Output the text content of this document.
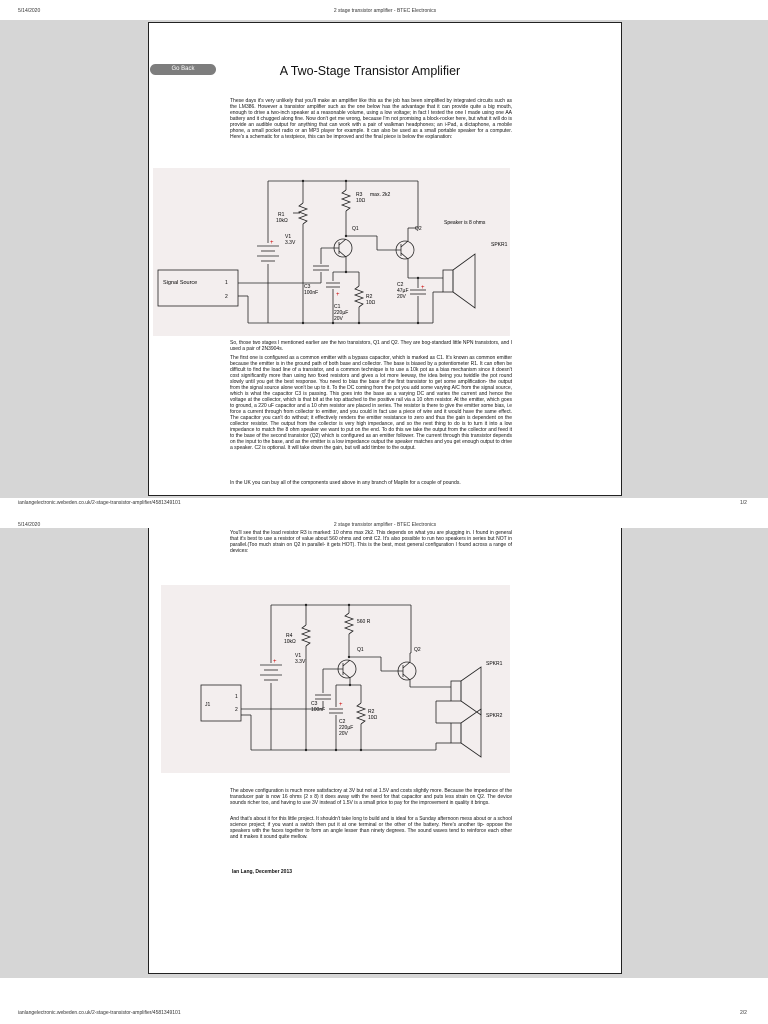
5/14/2020	2 stage transistor amplifier - BTEC Electronics
Go Back	A Two-Stage Transistor Amplifier
These days it's very unlikely that you'll make an amplifier like this as the job has been simplified by integrated circuits such as the LM386. However a transistor amplifier such as the one below has the advantage that it can provide quite a big mouth, enough to drive a two-inch speaker at a reasonable volume, using a low voltage; in fact I tested the one I made using one AA battery and it chugged along fine. Now don't get me wrong, because I'm not promising a block-rocker here, but what it will do is provide an audible output for anything that can work with a pair of walkman headphones; an i-Pad, a dictaphone, a mobile phone, a small pocket radio or an MP3 player for example. It can also be used as a small portable speaker for a computer. Here's a schematic for a testpiece, this can be improved and the final piece is below the explanation:
+
R3
10Ω
max. 2k2
R1
10kΩ
V1
3.3V
Q1	Q2
Speaker is 8 ohms
SPKR1
Signal Source	1
2
C3
100nF
C1
220µF
20V
R2
10Ω
C2
47µF
20V
+
+
So, those two stages I mentioned earlier are the two transistors, Q1 and Q2. They are bog-standard little NPN transistors, and I used a pair of 2N3904s.
The first one is configured as a common emitter with a bypass capacitor, which is marked as C1. It's known as common emitter because the emitter is in the ground path of both base and collector. The base is biased by a potentiometer R1. It can often be difficult to find the load line of a transistor, and a common technique is to use a 10k pot as a bias mechanism since it doesn't cost significantly more than using two fixed resistors and gives a lot more leeway, the idea being you twiddle the pot round slowly until you get the best response. You need to bias the base of the first transistor to get some amplification- the output from the signal source alone won't be up to it. To the DC coming from the pot you add some varying A/C from the signal source, which is what the capacitor C3 is passing. This goes into the base as a varying DC and varies the current and hence the voltage at the collector, which is that bit at the top attached to the positive rail via a 10 ohm resistor. At the emitter, which goes to ground, a 220 uF capacitor and a 10 ohm resistor are placed in series. The resistor is there to give the emitter some bias, i.e force a current through from collector to emitter, and you could in fact use a piece of wire and it would have the same effect. The capacitor you can't do without; it effectively renders the emitter resistance to zero and thus the gain is dependent on the collector resistor. The output from the collector is very high impedance, and so the next thing to do is to turn it into a low impedance to match the 8 ohm speaker we want to put on the end. To do this we take the output from the collector and feed it to the base of the second transistor (Q2) which is configured as an emitter follower. The current through this transistor depends on the input to the base, and as the emitter is a low impedance output the speaker matches and you get enough output to drive a speaker. C2 is optional. It will take down the gain, but will add timbre to the output.
In the UK you can buy all of the components used above in any branch of Maplin for a couple of pounds.
ianlangelectronic.webeden.co.uk/2-stage-transistor-amplifier/4581349101	1/2
5/14/2020	2 stage transistor amplifier - BTEC Electronics
You'll see that the load resistor R3 is marked: 10 ohms max 2k2. This depends on what you are plugging in. I found in general that it's best to use a resistor of value about 560 ohms and omit C2. It's also possible to run two speakers in series but NOT in parallel.(Too much strain on Q2 in parallel- it gets HOT). This is the best, most general configuration I found across a range of devices:
+
+
R4
10kΩ
V1
3.3V
560 R
Q1	Q2
SPKR1
SPKR2
J1
1
2
C3
100nF
C2
220µF
20V
R2
10Ω
The above configuration is much more satisfactory at 3V but not at 1.5V and costs slightly more. Because the impedance of the transducer pair is now 16 ohms (2 x 8) it does away with the need for that capacitor and puts less strain on Q2. The device sounds richer too, and having to use 3V instead of 1.5V is a small price to pay for the improvement in quality it brings.
And that's about it for this little project. It shouldn't take long to build and is ideal for a Sunday afternoon mess about or a school science project; if you want a switch then put it at one terminal or the other of the battery. Here's another tip- oppose the speakers with the faces together to form an angle lesser than ninety degrees. The sound waves tend to reinforce each other and it makes it sound quite mellow.
Ian Lang, December 2013
ianlangelectronic.webeden.co.uk/2-stage-transistor-amplifier/4581349101	2/2
